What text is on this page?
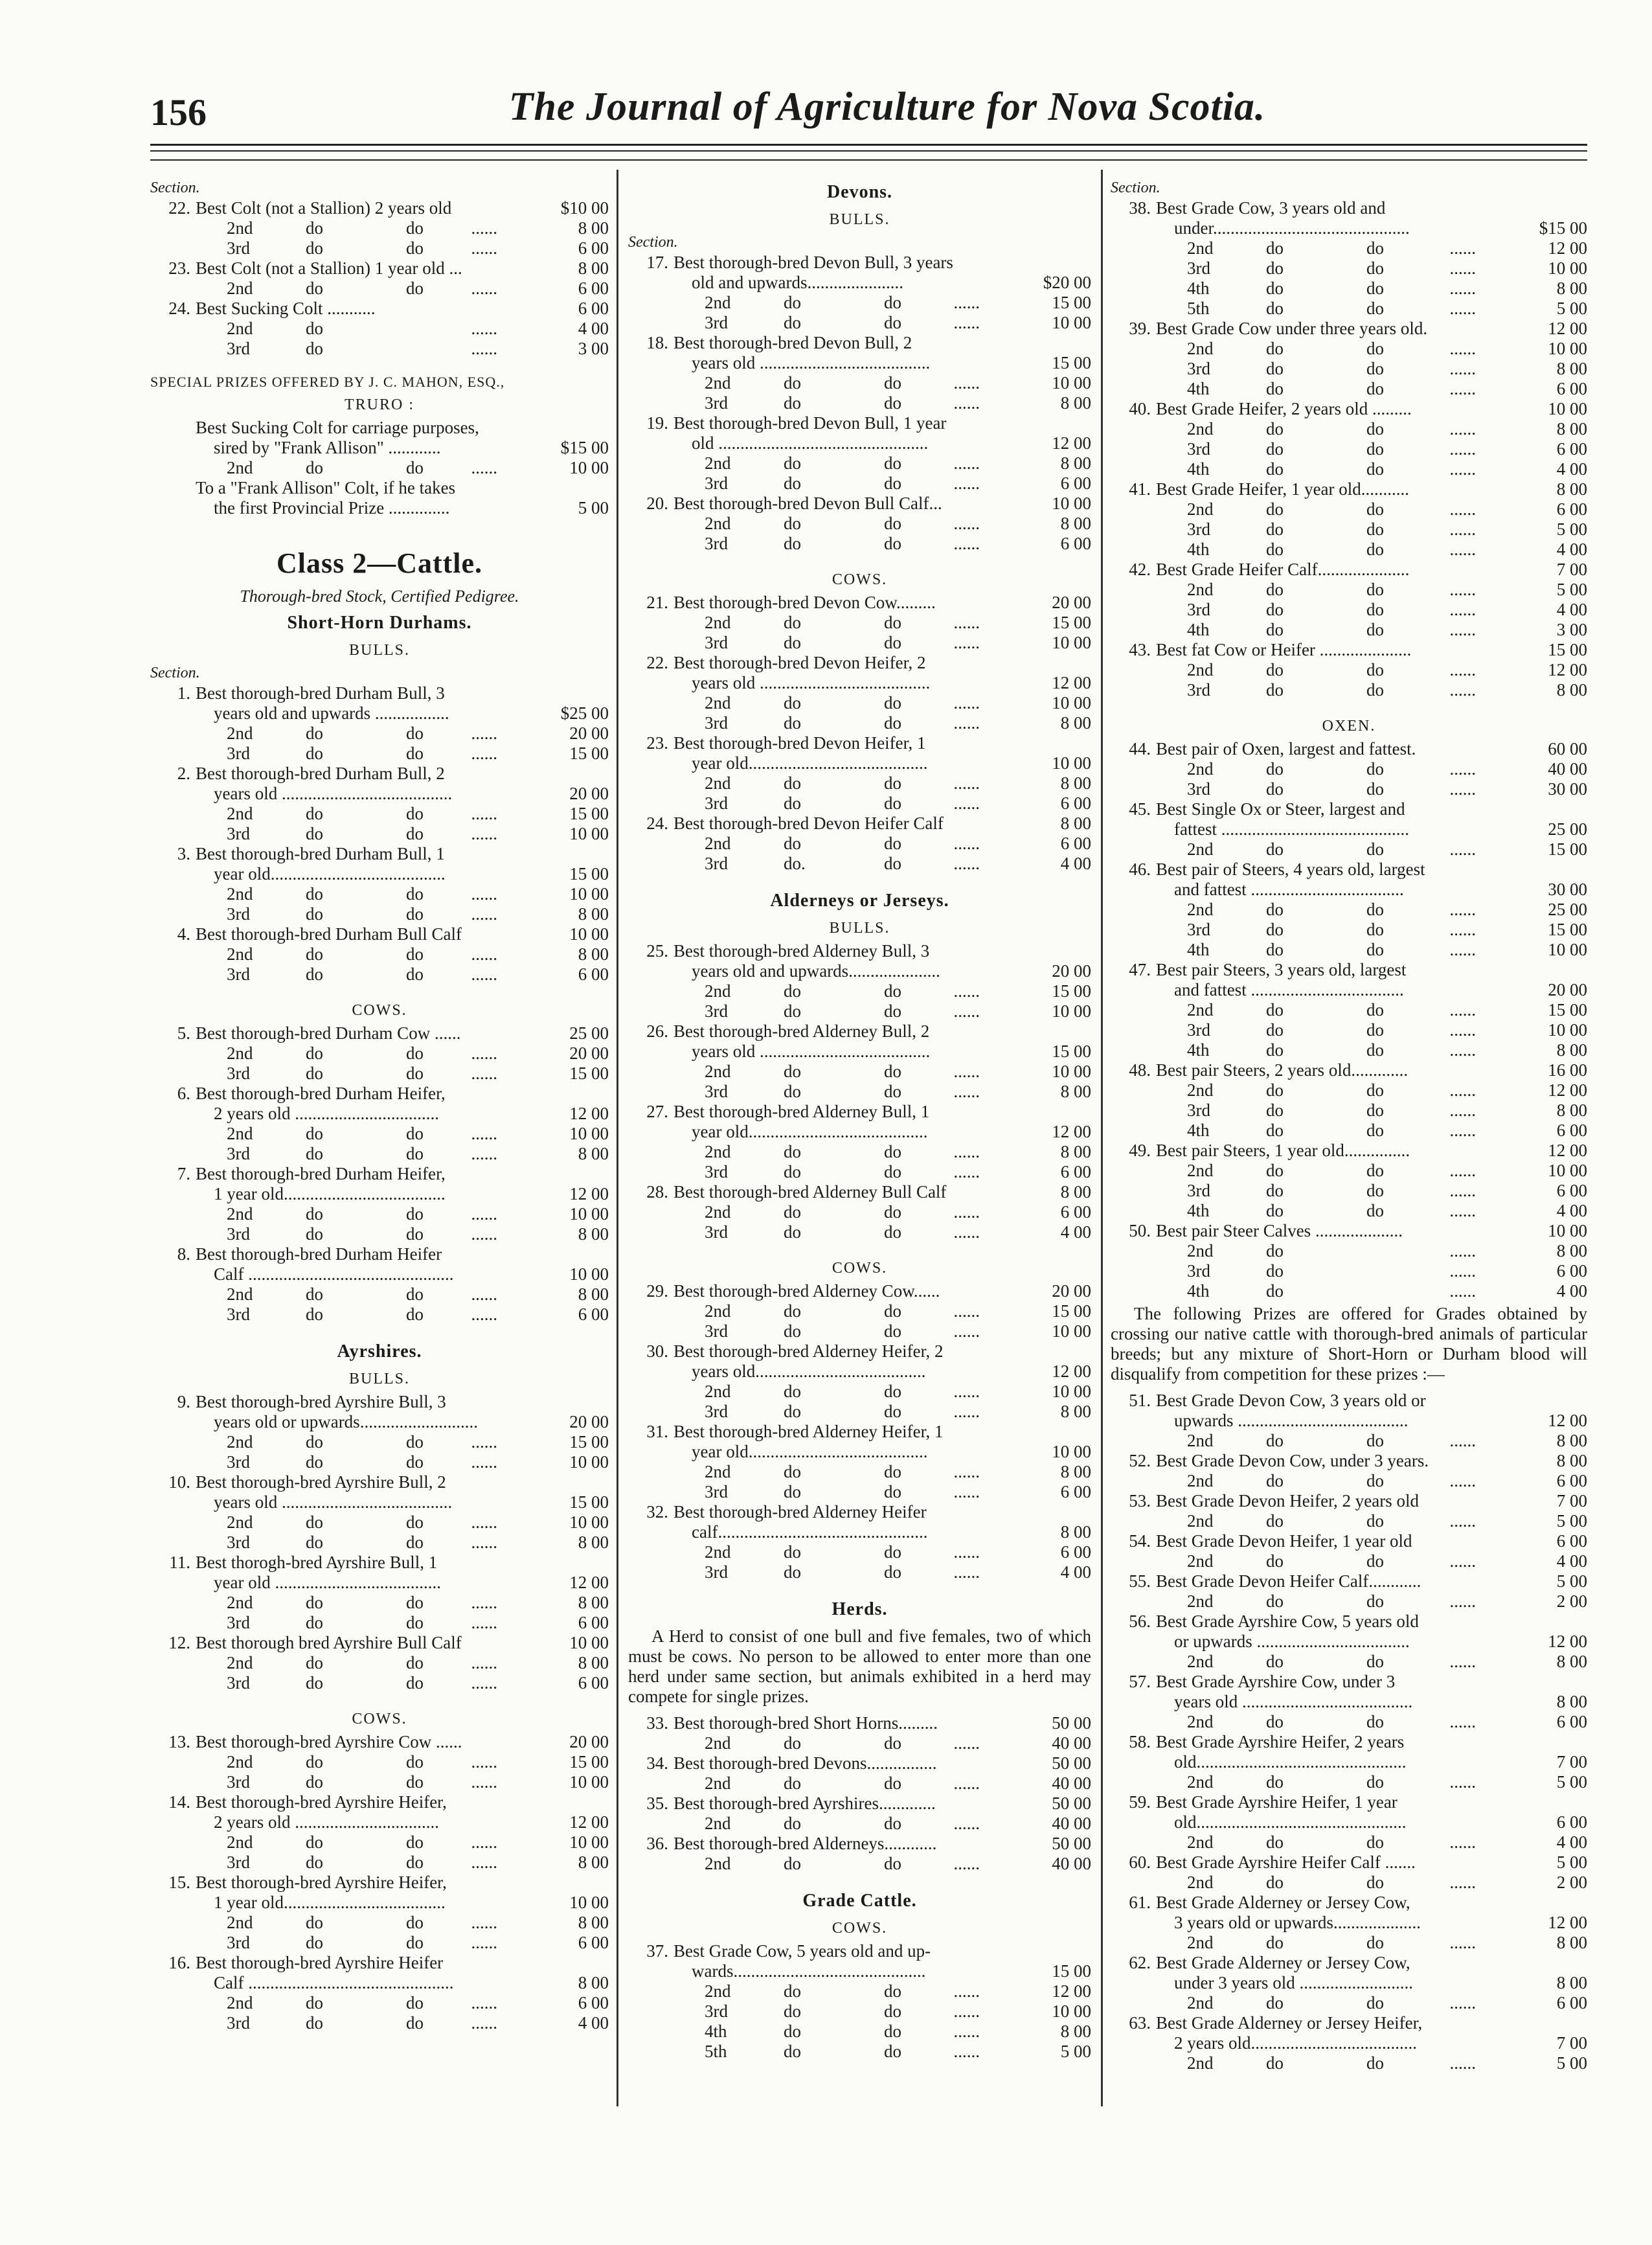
156	The Journal of Agriculture for Nova Scotia.
Section.
22. Best Colt (not a Stallion) 2 years old	$10 00
2nd	do	do	......	8 00
3rd	do	do	......	6 00
23. Best Colt (not a Stallion) 1 year old ...	8 00
2nd	do	do	......	6 00
24. Best Sucking Colt ...........	6 00
2nd	do	......	4 00
3rd	do	......	3 00
SPECIAL PRIZES OFFERED BY J. C. MAHON, ESQ.,
TRURO :
Best Sucking Colt for carriage purposes,
sired by "Frank Allison" ............	$15 00
2nd	do	do	......	10 00
To a "Frank Allison" Colt, if he takes
the first Provincial Prize ..............	5 00
Class 2—Cattle.
Thorough-bred Stock, Certified Pedigree.
Short-Horn Durhams.
BULLS.
Section.
1. Best thorough-bred Durham Bull, 3
years old and upwards .................	$25 00
2nd	do	do	......	20 00
3rd	do	do	......	15 00
2. Best thorough-bred Durham Bull, 2
years old .......................................	20 00
2nd	do	do	......	15 00
3rd	do	do	......	10 00
3. Best thorough-bred Durham Bull, 1
year old........................................	15 00
2nd	do	do	......	10 00
3rd	do	do	......	8 00
4. Best thorough-bred Durham Bull Calf	10 00
2nd	do	do	......	8 00
3rd	do	do	......	6 00
COWS.
5. Best thorough-bred Durham Cow ......	25 00
2nd	do	do	......	20 00
3rd	do	do	......	15 00
6. Best thorough-bred Durham Heifer,
2 years old .................................	12 00
2nd	do	do	......	10 00
3rd	do	do	......	8 00
7. Best thorough-bred Durham Heifer,
1 year old.....................................	12 00
2nd	do	do	......	10 00
3rd	do	do	......	8 00
8. Best thorough-bred Durham Heifer
Calf ...............................................	10 00
2nd	do	do	......	8 00
3rd	do	do	......	6 00
Ayrshires.
BULLS.
9. Best thorough-bred Ayrshire Bull, 3
years old or upwards...........................	20 00
2nd	do	do	......	15 00
3rd	do	do	......	10 00
10. Best thorough-bred Ayrshire Bull, 2
years old .......................................	15 00
2nd	do	do	......	10 00
3rd	do	do	......	8 00
11. Best thorogh-bred Ayrshire Bull, 1
year old ......................................	12 00
2nd	do	do	......	8 00
3rd	do	do	......	6 00
12. Best thorough bred Ayrshire Bull Calf	10 00
2nd	do	do	......	8 00
3rd	do	do	......	6 00
COWS.
13. Best thorough-bred Ayrshire Cow ......	20 00
2nd	do	do	......	15 00
3rd	do	do	......	10 00
14. Best thorough-bred Ayrshire Heifer,
2 years old .................................	12 00
2nd	do	do	......	10 00
3rd	do	do	......	8 00
15. Best thorough-bred Ayrshire Heifer,
1 year old.....................................	10 00
2nd	do	do	......	8 00
3rd	do	do	......	6 00
16. Best thorough-bred Ayrshire Heifer
Calf ...............................................	8 00
2nd	do	do	......	6 00
3rd	do	do	......	4 00
Devons.
BULLS.
Section.
17. Best thorough-bred Devon Bull, 3 years
old and upwards......................	$20 00
2nd	do	do	......	15 00
3rd	do	do	......	10 00
18. Best thorough-bred Devon Bull, 2
years old .......................................	15 00
2nd	do	do	......	10 00
3rd	do	do	......	8 00
19. Best thorough-bred Devon Bull, 1 year
old ................................................	12 00
2nd	do	do	......	8 00
3rd	do	do	......	6 00
20. Best thorough-bred Devon Bull Calf...	10 00
2nd	do	do	......	8 00
3rd	do	do	......	6 00
COWS.
21. Best thorough-bred Devon Cow.........	20 00
2nd	do	do	......	15 00
3rd	do	do	......	10 00
22. Best thorough-bred Devon Heifer, 2
years old .......................................	12 00
2nd	do	do	......	10 00
3rd	do	do	......	8 00
23. Best thorough-bred Devon Heifer, 1
year old.........................................	10 00
2nd	do	do	......	8 00
3rd	do	do	......	6 00
24. Best thorough-bred Devon Heifer Calf	8 00
2nd	do	do	......	6 00
3rd	do.	do	......	4 00
Alderneys or Jerseys.
BULLS.
25. Best thorough-bred Alderney Bull, 3
years old and upwards.....................	20 00
2nd	do	do	......	15 00
3rd	do	do	......	10 00
26. Best thorough-bred Alderney Bull, 2
years old .......................................	15 00
2nd	do	do	......	10 00
3rd	do	do	......	8 00
27. Best thorough-bred Alderney Bull, 1
year old.........................................	12 00
2nd	do	do	......	8 00
3rd	do	do	......	6 00
28. Best thorough-bred Alderney Bull Calf	8 00
2nd	do	do	......	6 00
3rd	do	do	......	4 00
COWS.
29. Best thorough-bred Alderney Cow......	20 00
2nd	do	do	......	15 00
3rd	do	do	......	10 00
30. Best thorough-bred Alderney Heifer, 2
years old.......................................	12 00
2nd	do	do	......	10 00
3rd	do	do	......	8 00
31. Best thorough-bred Alderney Heifer, 1
year old.........................................	10 00
2nd	do	do	......	8 00
3rd	do	do	......	6 00
32. Best thorough-bred Alderney Heifer
calf................................................	8 00
2nd	do	do	......	6 00
3rd	do	do	......	4 00
Herds.
A Herd to consist of one bull and five females, two of which must be cows. No person to be allowed to enter more than one herd under same section, but animals exhibited in a herd may compete for single prizes.
33. Best thorough-bred Short Horns.........	50 00
2nd	do	do	......	40 00
34. Best thorough-bred Devons................	50 00
2nd	do	do	......	40 00
35. Best thorough-bred Ayrshires.............	50 00
2nd	do	do	......	40 00
36. Best thorough-bred Alderneys............	50 00
2nd	do	do	......	40 00
Grade Cattle.
COWS.
37. Best Grade Cow, 5 years old and up-
wards............................................	15 00
2nd	do	do	......	12 00
3rd	do	do	......	10 00
4th	do	do	......	8 00
5th	do	do	......	5 00
Section.
38. Best Grade Cow, 3 years old and
under.............................................	$15 00
2nd	do	do	......	12 00
3rd	do	do	......	10 00
4th	do	do	......	8 00
5th	do	do	......	5 00
39. Best Grade Cow under three years old.	12 00
2nd	do	do	......	10 00
3rd	do	do	......	8 00
4th	do	do	......	6 00
40. Best Grade Heifer, 2 years old .........	10 00
2nd	do	do	......	8 00
3rd	do	do	......	6 00
4th	do	do	......	4 00
41. Best Grade Heifer, 1 year old...........	8 00
2nd	do	do	......	6 00
3rd	do	do	......	5 00
4th	do	do	......	4 00
42. Best Grade Heifer Calf.....................	7 00
2nd	do	do	......	5 00
3rd	do	do	......	4 00
4th	do	do	......	3 00
43. Best fat Cow or Heifer .....................	15 00
2nd	do	do	......	12 00
3rd	do	do	......	8 00
OXEN.
44. Best pair of Oxen, largest and fattest.	60 00
2nd	do	do	......	40 00
3rd	do	do	......	30 00
45. Best Single Ox or Steer, largest and
fattest ...........................................	25 00
2nd	do	do	......	15 00
46. Best pair of Steers, 4 years old, largest
and fattest ...................................	30 00
2nd	do	do	......	25 00
3rd	do	do	......	15 00
4th	do	do	......	10 00
47. Best pair Steers, 3 years old, largest
and fattest ...................................	20 00
2nd	do	do	......	15 00
3rd	do	do	......	10 00
4th	do	do	......	8 00
48. Best pair Steers, 2 years old.............	16 00
2nd	do	do	......	12 00
3rd	do	do	......	8 00
4th	do	do	......	6 00
49. Best pair Steers, 1 year old...............	12 00
2nd	do	do	......	10 00
3rd	do	do	......	6 00
4th	do	do	......	4 00
50. Best pair Steer Calves ....................	10 00
2nd	do	......	8 00
3rd	do	......	6 00
4th	do	......	4 00
The following Prizes are offered for Grades obtained by crossing our native cattle with thorough-bred animals of particular breeds; but any mixture of Short-Horn or Durham blood will disqualify from competition for these prizes :—
51. Best Grade Devon Cow, 3 years old or
upwards .......................................	12 00
2nd	do	do	......	8 00
52. Best Grade Devon Cow, under 3 years.	8 00
2nd	do	do	......	6 00
53. Best Grade Devon Heifer, 2 years old	7 00
2nd	do	do	......	5 00
54. Best Grade Devon Heifer, 1 year old	6 00
2nd	do	do	......	4 00
55. Best Grade Devon Heifer Calf............	5 00
2nd	do	do	......	2 00
56. Best Grade Ayrshire Cow, 5 years old
or upwards ...................................	12 00
2nd	do	do	......	8 00
57. Best Grade Ayrshire Cow, under 3
years old .......................................	8 00
2nd	do	do	......	6 00
58. Best Grade Ayrshire Heifer, 2 years
old................................................	7 00
2nd	do	do	......	5 00
59. Best Grade Ayrshire Heifer, 1 year
old................................................	6 00
2nd	do	do	......	4 00
60. Best Grade Ayrshire Heifer Calf .......	5 00
2nd	do	do	......	2 00
61. Best Grade Alderney or Jersey Cow,
3 years old or upwards....................	12 00
2nd	do	do	......	8 00
62. Best Grade Alderney or Jersey Cow,
under 3 years old ..........................	8 00
2nd	do	do	......	6 00
63. Best Grade Alderney or Jersey Heifer,
2 years old......................................	7 00
2nd	do	do	......	5 00
